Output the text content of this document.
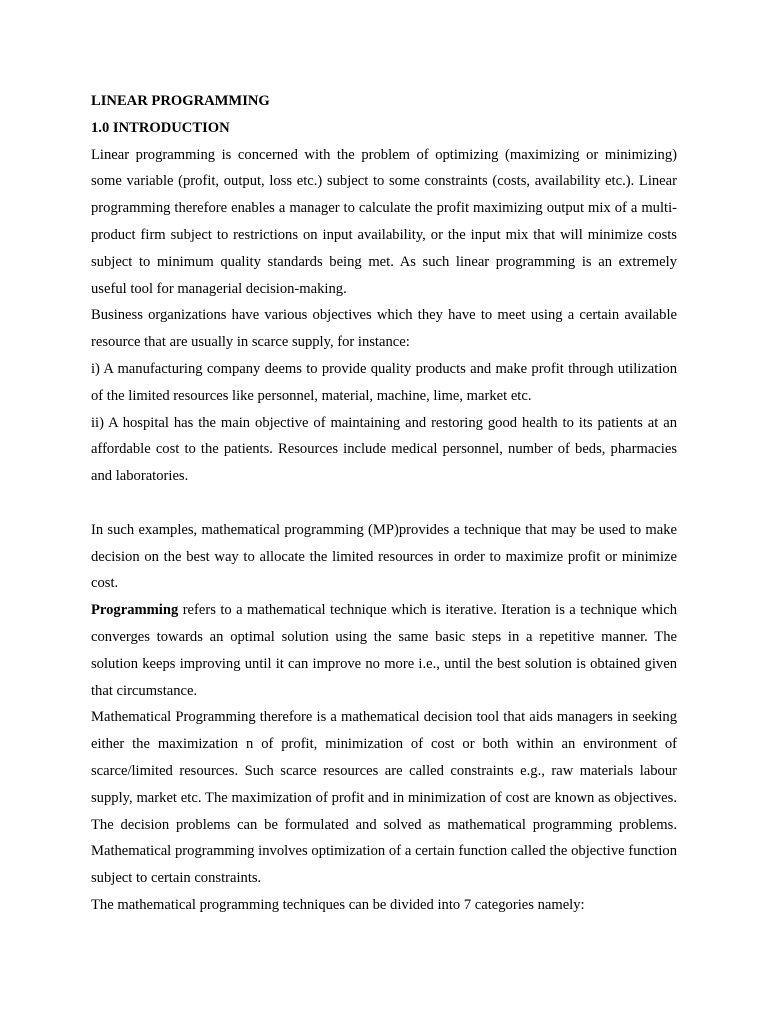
LINEAR PROGRAMMING

1.0 INTRODUCTION

Linear programming is concerned with the problem of optimizing (maximizing or minimizing) some variable (profit, output, loss etc.) subject to some constraints (costs, availability etc.). Linear programming therefore enables a manager to calculate the profit maximizing output mix of a multi-product firm subject to restrictions on input availability, or the input mix that will minimize costs subject to minimum quality standards being met. As such linear programming is an extremely useful tool for managerial decision-making.

Business organizations have various objectives which they have to meet using a certain available resource that are usually in scarce supply, for instance:

i) A manufacturing company deems to provide quality products and make profit through utilization of the limited resources like personnel, material, machine, lime, market etc.

ii) A hospital has the main objective of maintaining and restoring good health to its patients at an affordable cost to the patients. Resources include medical personnel, number of beds, pharmacies and laboratories.

In such examples, mathematical programming (MP)provides a technique that may be used to make decision on the best way to allocate the limited resources in order to maximize profit or minimize cost.

Programming refers to a mathematical technique which is iterative. Iteration is a technique which converges towards an optimal solution using the same basic steps in a repetitive manner. The solution keeps improving until it can improve no more i.e., until the best solution is obtained given that circumstance.

Mathematical Programming therefore is a mathematical decision tool that aids managers in seeking either the maximization n of profit, minimization of cost or both within an environment of scarce/limited resources. Such scarce resources are called constraints e.g., raw materials labour supply, market etc. The maximization of profit and in minimization of cost are known as objectives. The decision problems can be formulated and solved as mathematical programming problems. Mathematical programming involves optimization of a certain function called the objective function subject to certain constraints.

The mathematical programming techniques can be divided into 7 categories namely:
